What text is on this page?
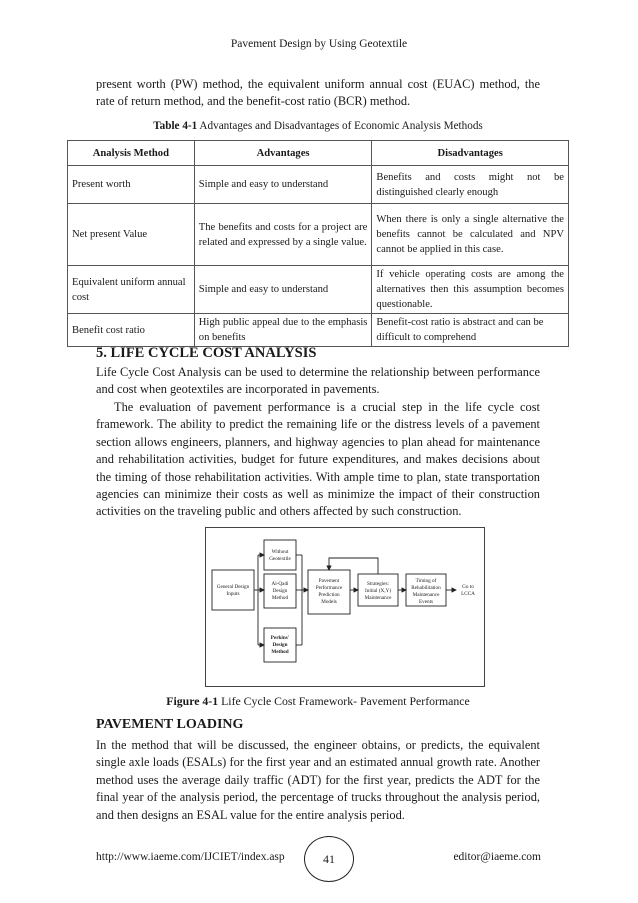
Pavement Design by Using Geotextile
present worth (PW) method, the equivalent uniform annual cost (EUAC) method, the rate of return method, and the benefit-cost ratio (BCR) method.
Table 4-1 Advantages and Disadvantages of Economic Analysis Methods
Analysis Method	Advantages	Disadvantages
Present worth	Simple and easy to understand	Benefits and costs might not be distinguished clearly enough
Net present Value	The benefits and costs for a project are related and expressed by a single value.	When there is only a single alternative the benefits cannot be calculated and NPV cannot be applied in this case.
Equivalent uniform annual cost	Simple and easy to understand	If vehicle operating costs are among the alternatives then this assumption becomes questionable.
Benefit cost ratio	High public appeal due to the emphasis on benefits	Benefit-cost ratio is abstract and can be difficult to comprehend
5. LIFE CYCLE COST ANALYSIS
Life Cycle Cost Analysis can be used to determine the relationship between performance and cost when geotextiles are incorporated in pavements.
The evaluation of pavement performance is a crucial step in the life cycle cost framework. The ability to predict the remaining life or the distress levels of a pavement section allows engineers, planners, and highway agencies to plan ahead for maintenance and rehabilitation activities, budget for future expenditures, and makes decisions about the timing of those rehabilitation activities. With ample time to plan, state transportation agencies can minimize their costs as well as minimize the impact of their construction activities on the traveling public and others affected by such construction.
General Design
Inputs
Without
Geotextile
Al-Qadi
Design
Method
Perkins'
Design
Method
Pavement
Performance
Prediction
Models
Strategies:
Initial (X,Y)
Maintenance
Timing of
Rehabilitation
Maintenance
Events
Go to
LCCA
Figure 4-1 Life Cycle Cost Framework- Pavement Performance
PAVEMENT LOADING
In the method that will be discussed, the engineer obtains, or predicts, the equivalent single axle loads (ESALs) for the first year and an estimated annual growth rate. Another method uses the average daily traffic (ADT) for the first year, predicts the ADT for the final year of the analysis period, the percentage of trucks throughout the analysis period, and then designs an ESAL value for the entire analysis period.
http://www.iaeme.com/IJCIET/index.asp	41	editor@iaeme.com
